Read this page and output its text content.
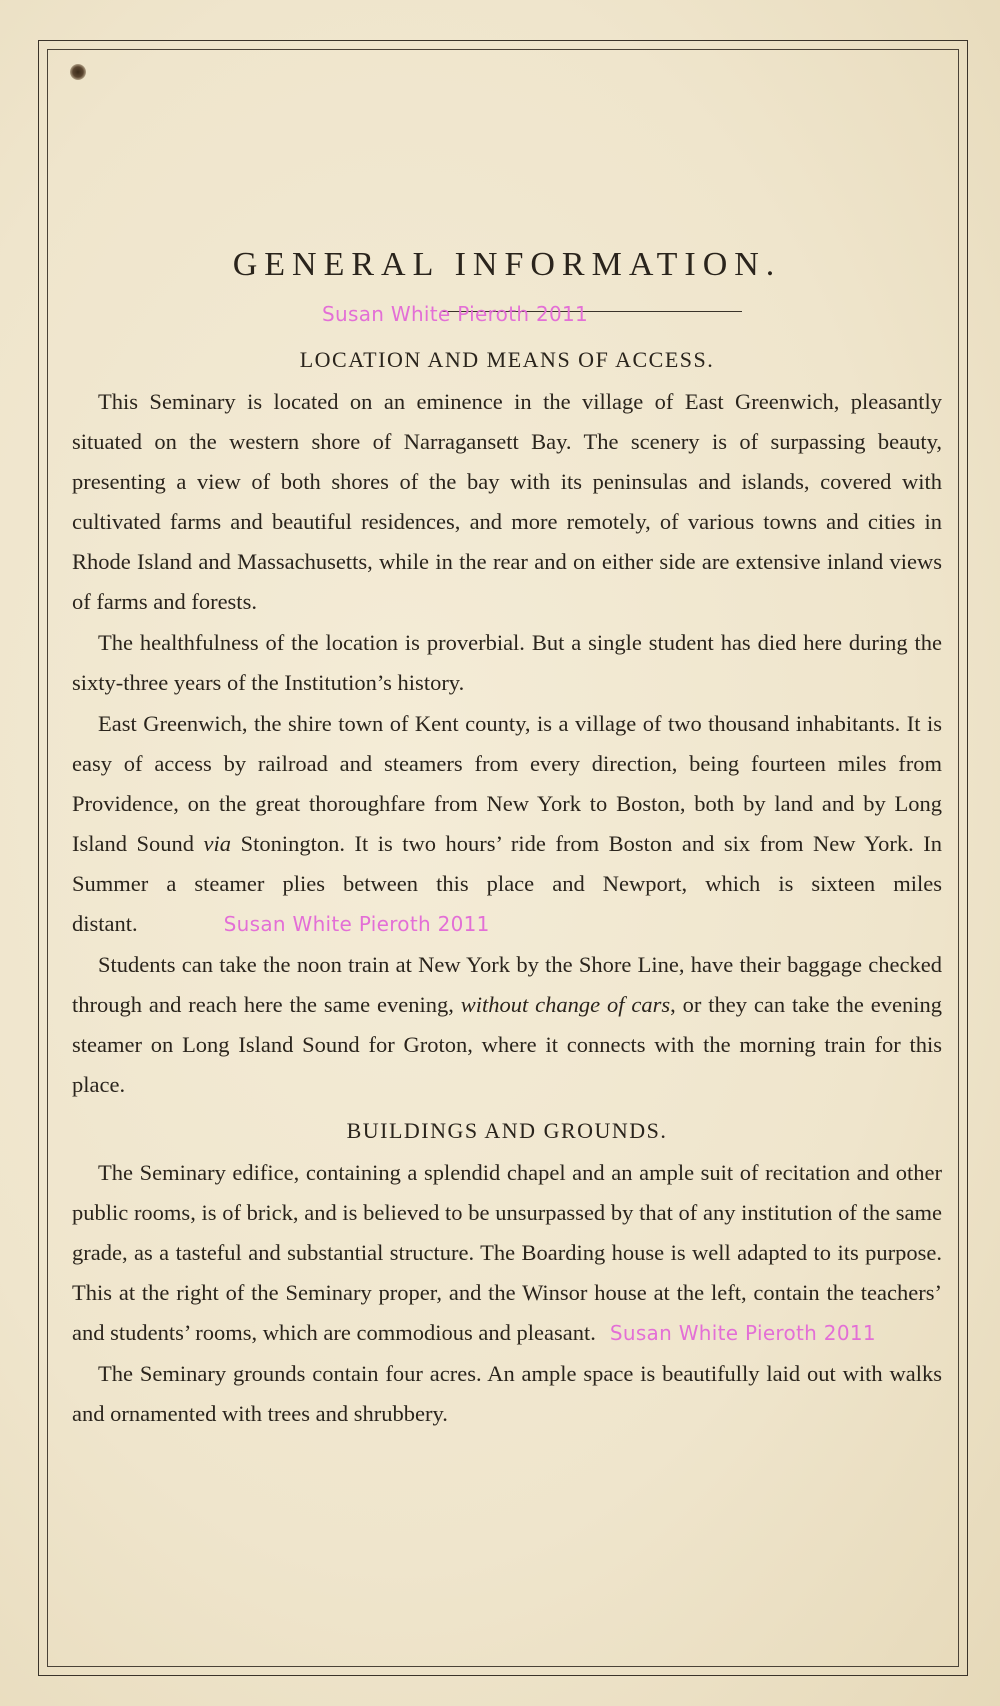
GENERAL INFORMATION.
Susan White Pieroth 2011
LOCATION AND MEANS OF ACCESS.

This Seminary is located on an eminence in the village of East Greenwich, pleasantly situated on the western shore of Narragansett Bay. The scenery is of surpassing beauty, presenting a view of both shores of the bay with its peninsulas and islands, covered with cultivated farms and beautiful residences, and more remotely, of various towns and cities in Rhode Island and Massachusetts, while in the rear and on either side are extensive inland views of farms and forests.

The healthfulness of the location is proverbial. But a single student has died here during the sixty-three years of the Institution’s history.

East Greenwich, the shire town of Kent county, is a village of two thousand inhabitants. It is easy of access by railroad and steamers from every direction, being fourteen miles from Providence, on the great thoroughfare from New York to Boston, both by land and by Long Island Sound via Stonington. It is two hours’ ride from Boston and six from New York. In Summer a steamer plies between this place and Newport, which is sixteen miles distant.	Susan White Pieroth 2011

Students can take the noon train at New York by the Shore Line, have their baggage checked through and reach here the same evening, without change of cars, or they can take the evening steamer on Long Island Sound for Groton, where it connects with the morning train for this place.

BUILDINGS AND GROUNDS.

The Seminary edifice, containing a splendid chapel and an ample suit of recitation and other public rooms, is of brick, and is believed to be unsurpassed by that of any institution of the same grade, as a tasteful and substantial structure. The Boarding house is well adapted to its purpose. This at the right of the Seminary proper, and the Winsor house at the left, contain the teachers’ and students’ rooms, which are commodious and pleasant. Susan White Pieroth 2011

The Seminary grounds contain four acres. An ample space is beautifully laid out with walks and ornamented with trees and shrubbery.
